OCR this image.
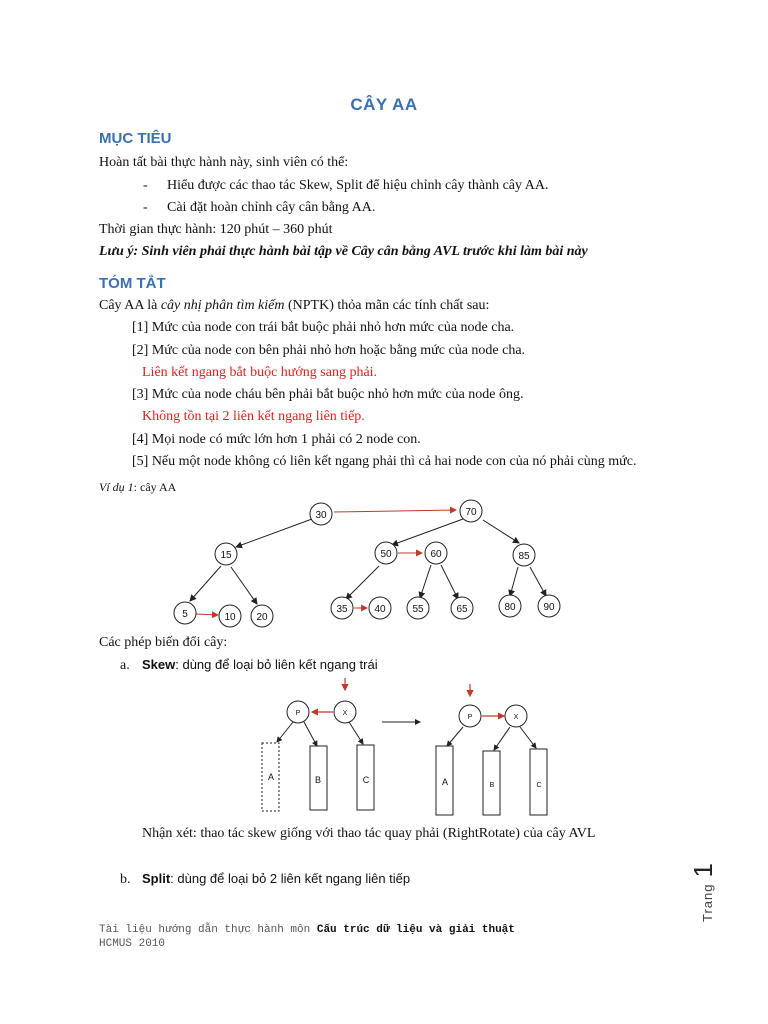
CÂY AA
MỤC TIÊU
Hoàn tất bài thực hành này, sinh viên có thể:
- Hiểu được các thao tác Skew, Split để hiệu chỉnh cây thành cây AA.
- Cài đặt hoàn chỉnh cây cân bằng AA.
Thời gian thực hành: 120 phút – 360 phút
Lưu ý: Sinh viên phải thực hành bài tập về Cây cân bằng AVL trước khi làm bài này
TÓM TẮT
Cây AA là cây nhị phân tìm kiếm (NPTK) thỏa mãn các tính chất sau:
[1] Mức của node con trái bắt buộc phải nhỏ hơn mức của node cha.
[2] Mức của node con bên phải nhỏ hơn hoặc bằng mức của node cha.
Liên kết ngang bắt buộc hướng sang phải.
[3] Mức của node cháu bên phải bắt buộc nhỏ hơn mức của node ông.
Không tồn tại 2 liên kết ngang liên tiếp.
[4] Mọi node có mức lớn hơn 1 phải có 2 node con.
[5] Nếu một node không có liên kết ngang phải thì cả hai node con của nó phải cùng mức.
Ví dụ 1: cây AA
30	70
15	50	60	85
5	10 20
35	40	55	65	80	90
Các phép biến đổi cây:
a. Skew: dùng để loại bỏ liên kết ngang trái
P	X
P	X
A	B	C	A	B	C
Nhận xét: thao tác skew giống với thao tác quay phải (RightRotate) của cây AVL
b. Split: dùng để loại bỏ 2 liên kết ngang liên tiếp
Trang 1
Tài liệu hướng dẫn thực hành môn Cấu trúc dữ liệu và giải thuật
HCMUS 2010
